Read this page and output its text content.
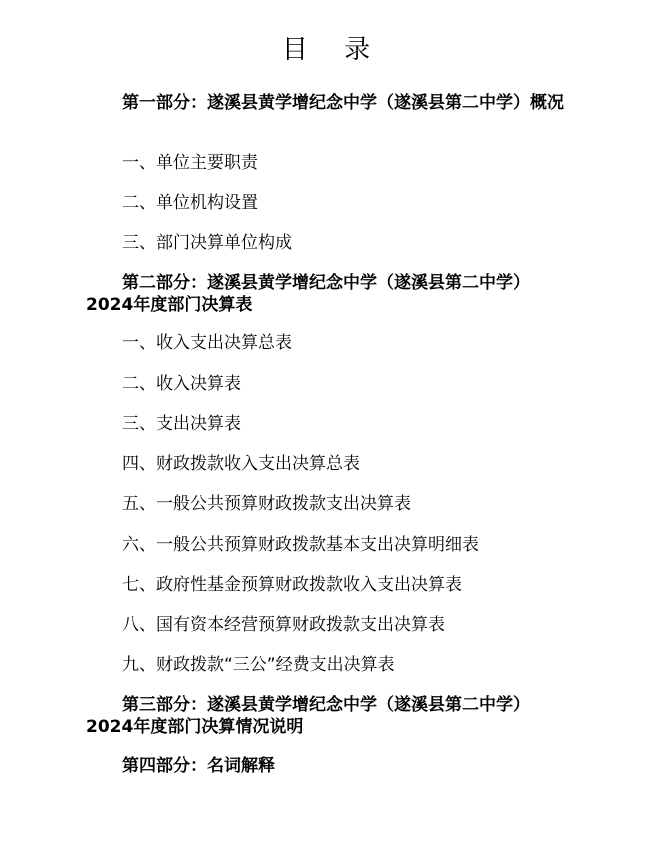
目 录

第一部分：遂溪县黄学增纪念中学（遂溪县第二中学）概况

一、单位主要职责

二、单位机构设置

三、部门决算单位构成

第二部分：遂溪县黄学增纪念中学（遂溪县第二中学）2024年度部门决算表

一、收入支出决算总表

二、收入决算表

三、支出决算表

四、财政拨款收入支出决算总表

五、一般公共预算财政拨款支出决算表

六、一般公共预算财政拨款基本支出决算明细表

七、政府性基金预算财政拨款收入支出决算表

八、国有资本经营预算财政拨款支出决算表

九、财政拨款“三公”经费支出决算表

第三部分：遂溪县黄学增纪念中学（遂溪县第二中学）2024年度部门决算情况说明

第四部分：名词解释
